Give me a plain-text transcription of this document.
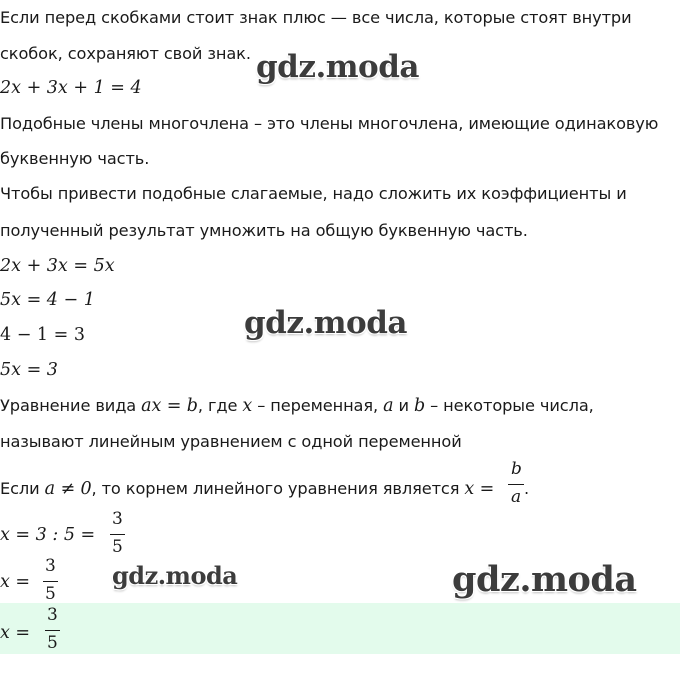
Если перед скобками стоит знак плюс — все числа, которые стоят внутри
скобок, сохраняют свой знак.
2x + 3x + 1 = 4
Подобные члены многочлена – это члены многочлена, имеющие одинаковую
буквенную часть.
Чтобы привести подобные слагаемые, надо сложить их коэффициенты и
полученный результат умножить на общую буквенную часть.
2x + 3x = 5x
5x = 4 − 1
4 − 1 = 3
5x = 3
Уравнение вида ax = b, где x – переменная, a и b – некоторые числа,
называют линейным уравнением с одной переменной
Если a ≠ 0, то корнем линейного уравнения является x =
b
a .
x = 3 : 5 =
3
5
x =
3
5
x =
3
5
gdz.moda
gdz.moda
gdz.moda	gdz.moda
